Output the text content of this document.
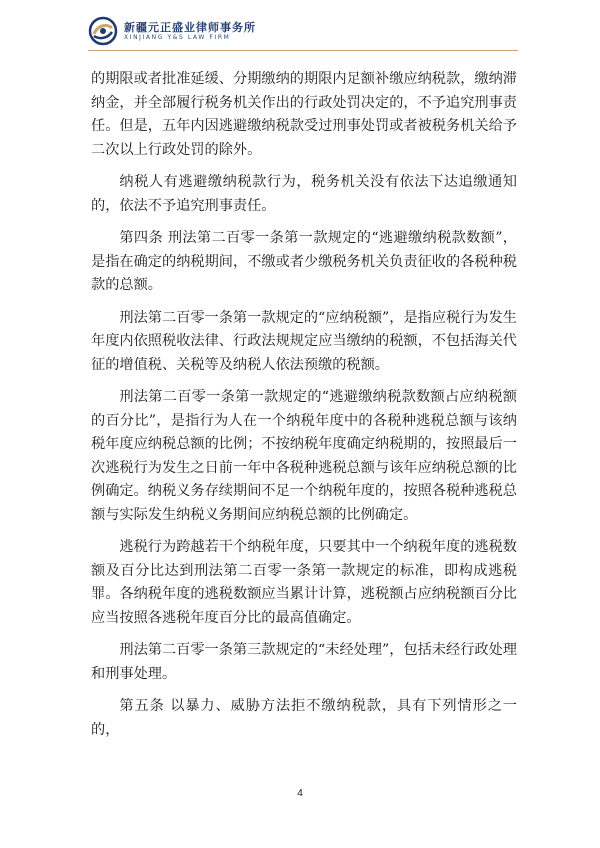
新疆元正盛业律师事务所
XINJIANG Y&S LAW FIRM

的期限或者批准延缓、分期缴纳的期限内足额补缴应纳税款，缴纳滞纳金，并全部履行税务机关作出的行政处罚决定的，不予追究刑事责任。但是，五年内因逃避缴纳税款受过刑事处罚或者被税务机关给予二次以上行政处罚的除外。

纳税人有逃避缴纳税款行为，税务机关没有依法下达追缴通知的，依法不予追究刑事责任。

第四条 刑法第二百零一条第一款规定的“逃避缴纳税款数额”，是指在确定的纳税期间，不缴或者少缴税务机关负责征收的各税种税款的总额。

刑法第二百零一条第一款规定的“应纳税额”，是指应税行为发生年度内依照税收法律、行政法规规定应当缴纳的税额，不包括海关代征的增值税、关税等及纳税人依法预缴的税额。

刑法第二百零一条第一款规定的“逃避缴纳税款数额占应纳税额的百分比”，是指行为人在一个纳税年度中的各税种逃税总额与该纳税年度应纳税总额的比例；不按纳税年度确定纳税期的，按照最后一次逃税行为发生之日前一年中各税种逃税总额与该年应纳税总额的比例确定。纳税义务存续期间不足一个纳税年度的，按照各税种逃税总额与实际发生纳税义务期间应纳税总额的比例确定。

逃税行为跨越若干个纳税年度，只要其中一个纳税年度的逃税数额及百分比达到刑法第二百零一条第一款规定的标准，即构成逃税罪。各纳税年度的逃税数额应当累计计算，逃税额占应纳税额百分比应当按照各逃税年度百分比的最高值确定。

刑法第二百零一条第三款规定的“未经处理”，包括未经行政处理和刑事处理。

第五条 以暴力、威胁方法拒不缴纳税款，具有下列情形之一的，

4
